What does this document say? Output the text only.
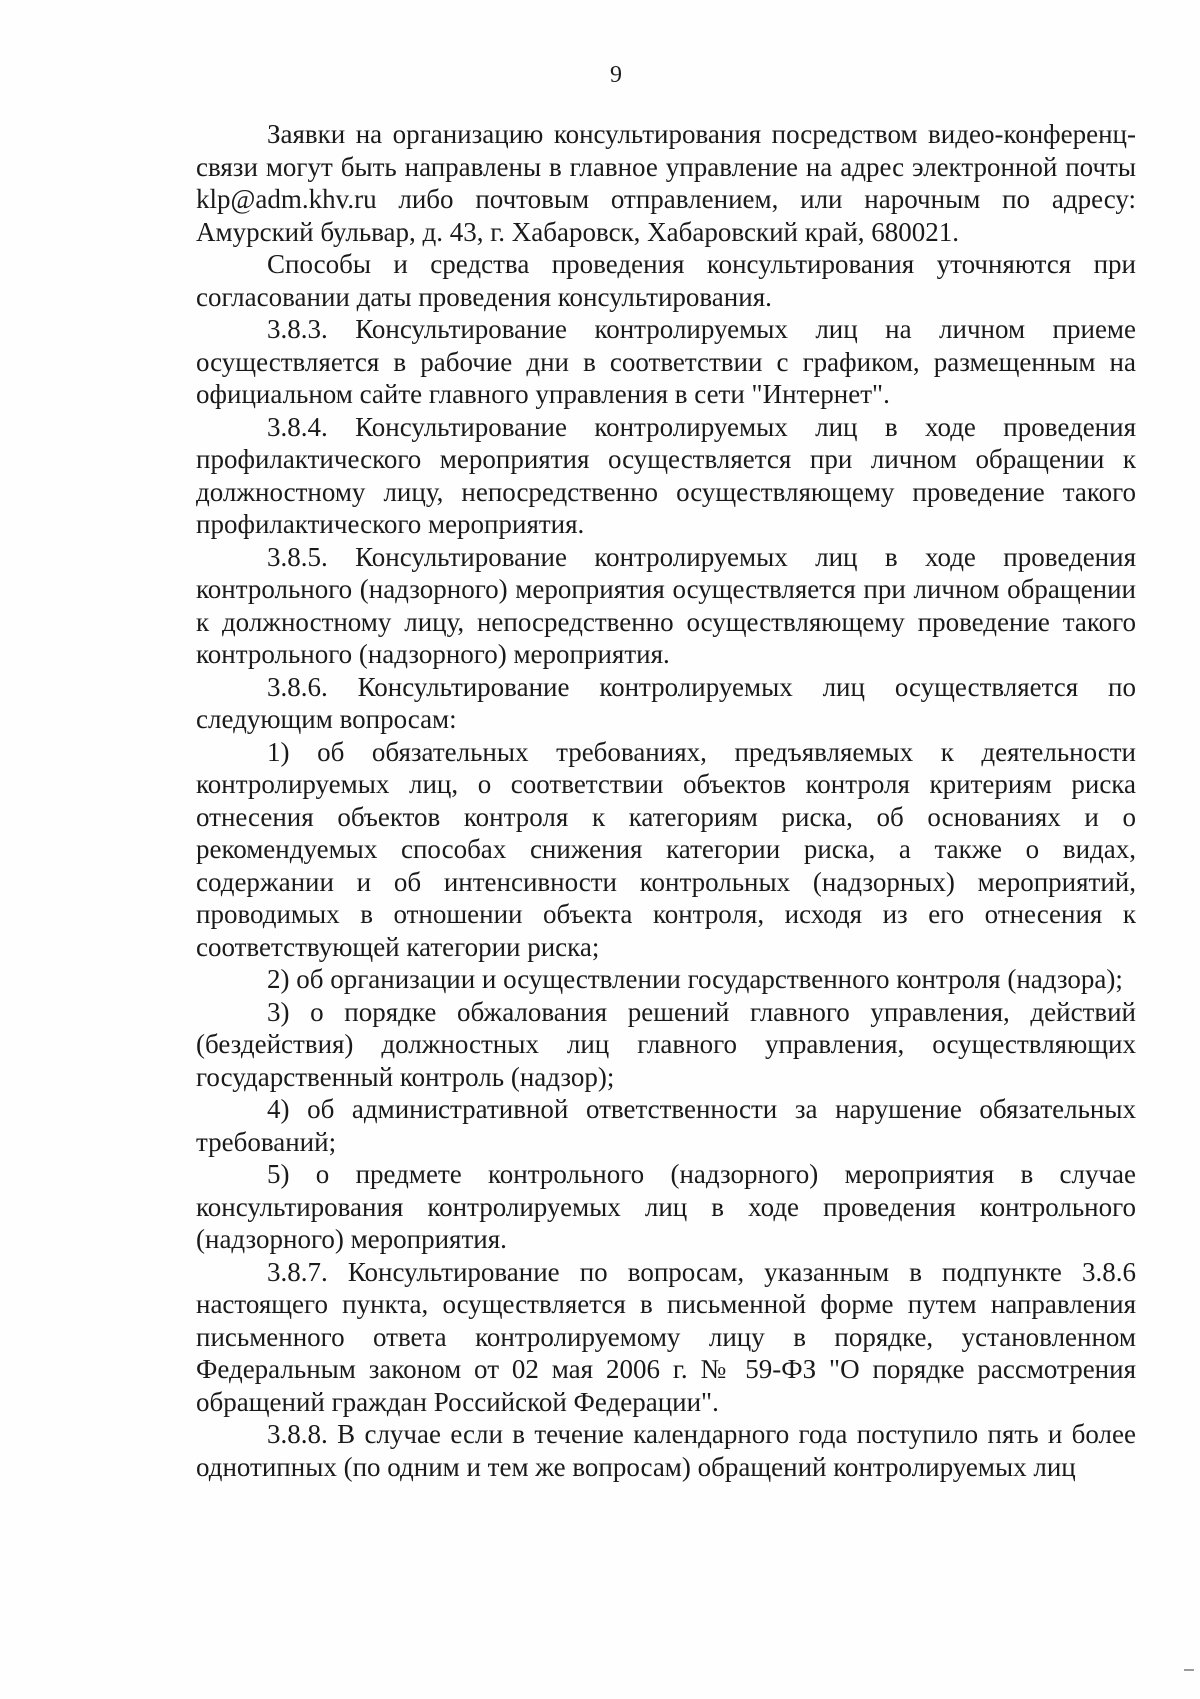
9

Заявки на организацию консультирования посредством видео-конференц-связи могут быть направлены в главное управление на адрес электронной почты klp@adm.khv.ru либо почтовым отправлением, или нарочным по адресу: Амурский бульвар, д. 43, г. Хабаровск, Хабаровский край, 680021.

Способы и средства проведения консультирования уточняются при согласовании даты проведения консультирования.

3.8.3. Консультирование контролируемых лиц на личном приеме осуществляется в рабочие дни в соответствии с графиком, размещенным на официальном сайте главного управления в сети "Интернет".

3.8.4. Консультирование контролируемых лиц в ходе проведения профилактического мероприятия осуществляется при личном обращении к должностному лицу, непосредственно осуществляющему проведение такого профилактического мероприятия.

3.8.5. Консультирование контролируемых лиц в ходе проведения контрольного (надзорного) мероприятия осуществляется при личном обращении к должностному лицу, непосредственно осуществляющему проведение такого контрольного (надзорного) мероприятия.

3.8.6. Консультирование контролируемых лиц осуществляется по следующим вопросам:

1) об обязательных требованиях, предъявляемых к деятельности контролируемых лиц, о соответствии объектов контроля критериям риска отнесения объектов контроля к категориям риска, об основаниях и о рекомендуемых способах снижения категории риска, а также о видах, содержании и об интенсивности контрольных (надзорных) мероприятий, проводимых в отношении объекта контроля, исходя из его отнесения к соответствующей категории риска;

2) об организации и осуществлении государственного контроля (надзора);

3) о порядке обжалования решений главного управления, действий (бездействия) должностных лиц главного управления, осуществляющих государственный контроль (надзор);

4) об административной ответственности за нарушение обязательных требований;

5) о предмете контрольного (надзорного) мероприятия в случае консультирования контролируемых лиц в ходе проведения контрольного (надзорного) мероприятия.

3.8.7. Консультирование по вопросам, указанным в подпункте 3.8.6 настоящего пункта, осуществляется в письменной форме путем направления письменного ответа контролируемому лицу в порядке, установленном Федеральным законом от 02 мая 2006 г. № 59-ФЗ "О порядке рассмотрения обращений граждан Российской Федерации".

3.8.8. В случае если в течение календарного года поступило пять и более однотипных (по одним и тем же вопросам) обращений контролируемых лиц
